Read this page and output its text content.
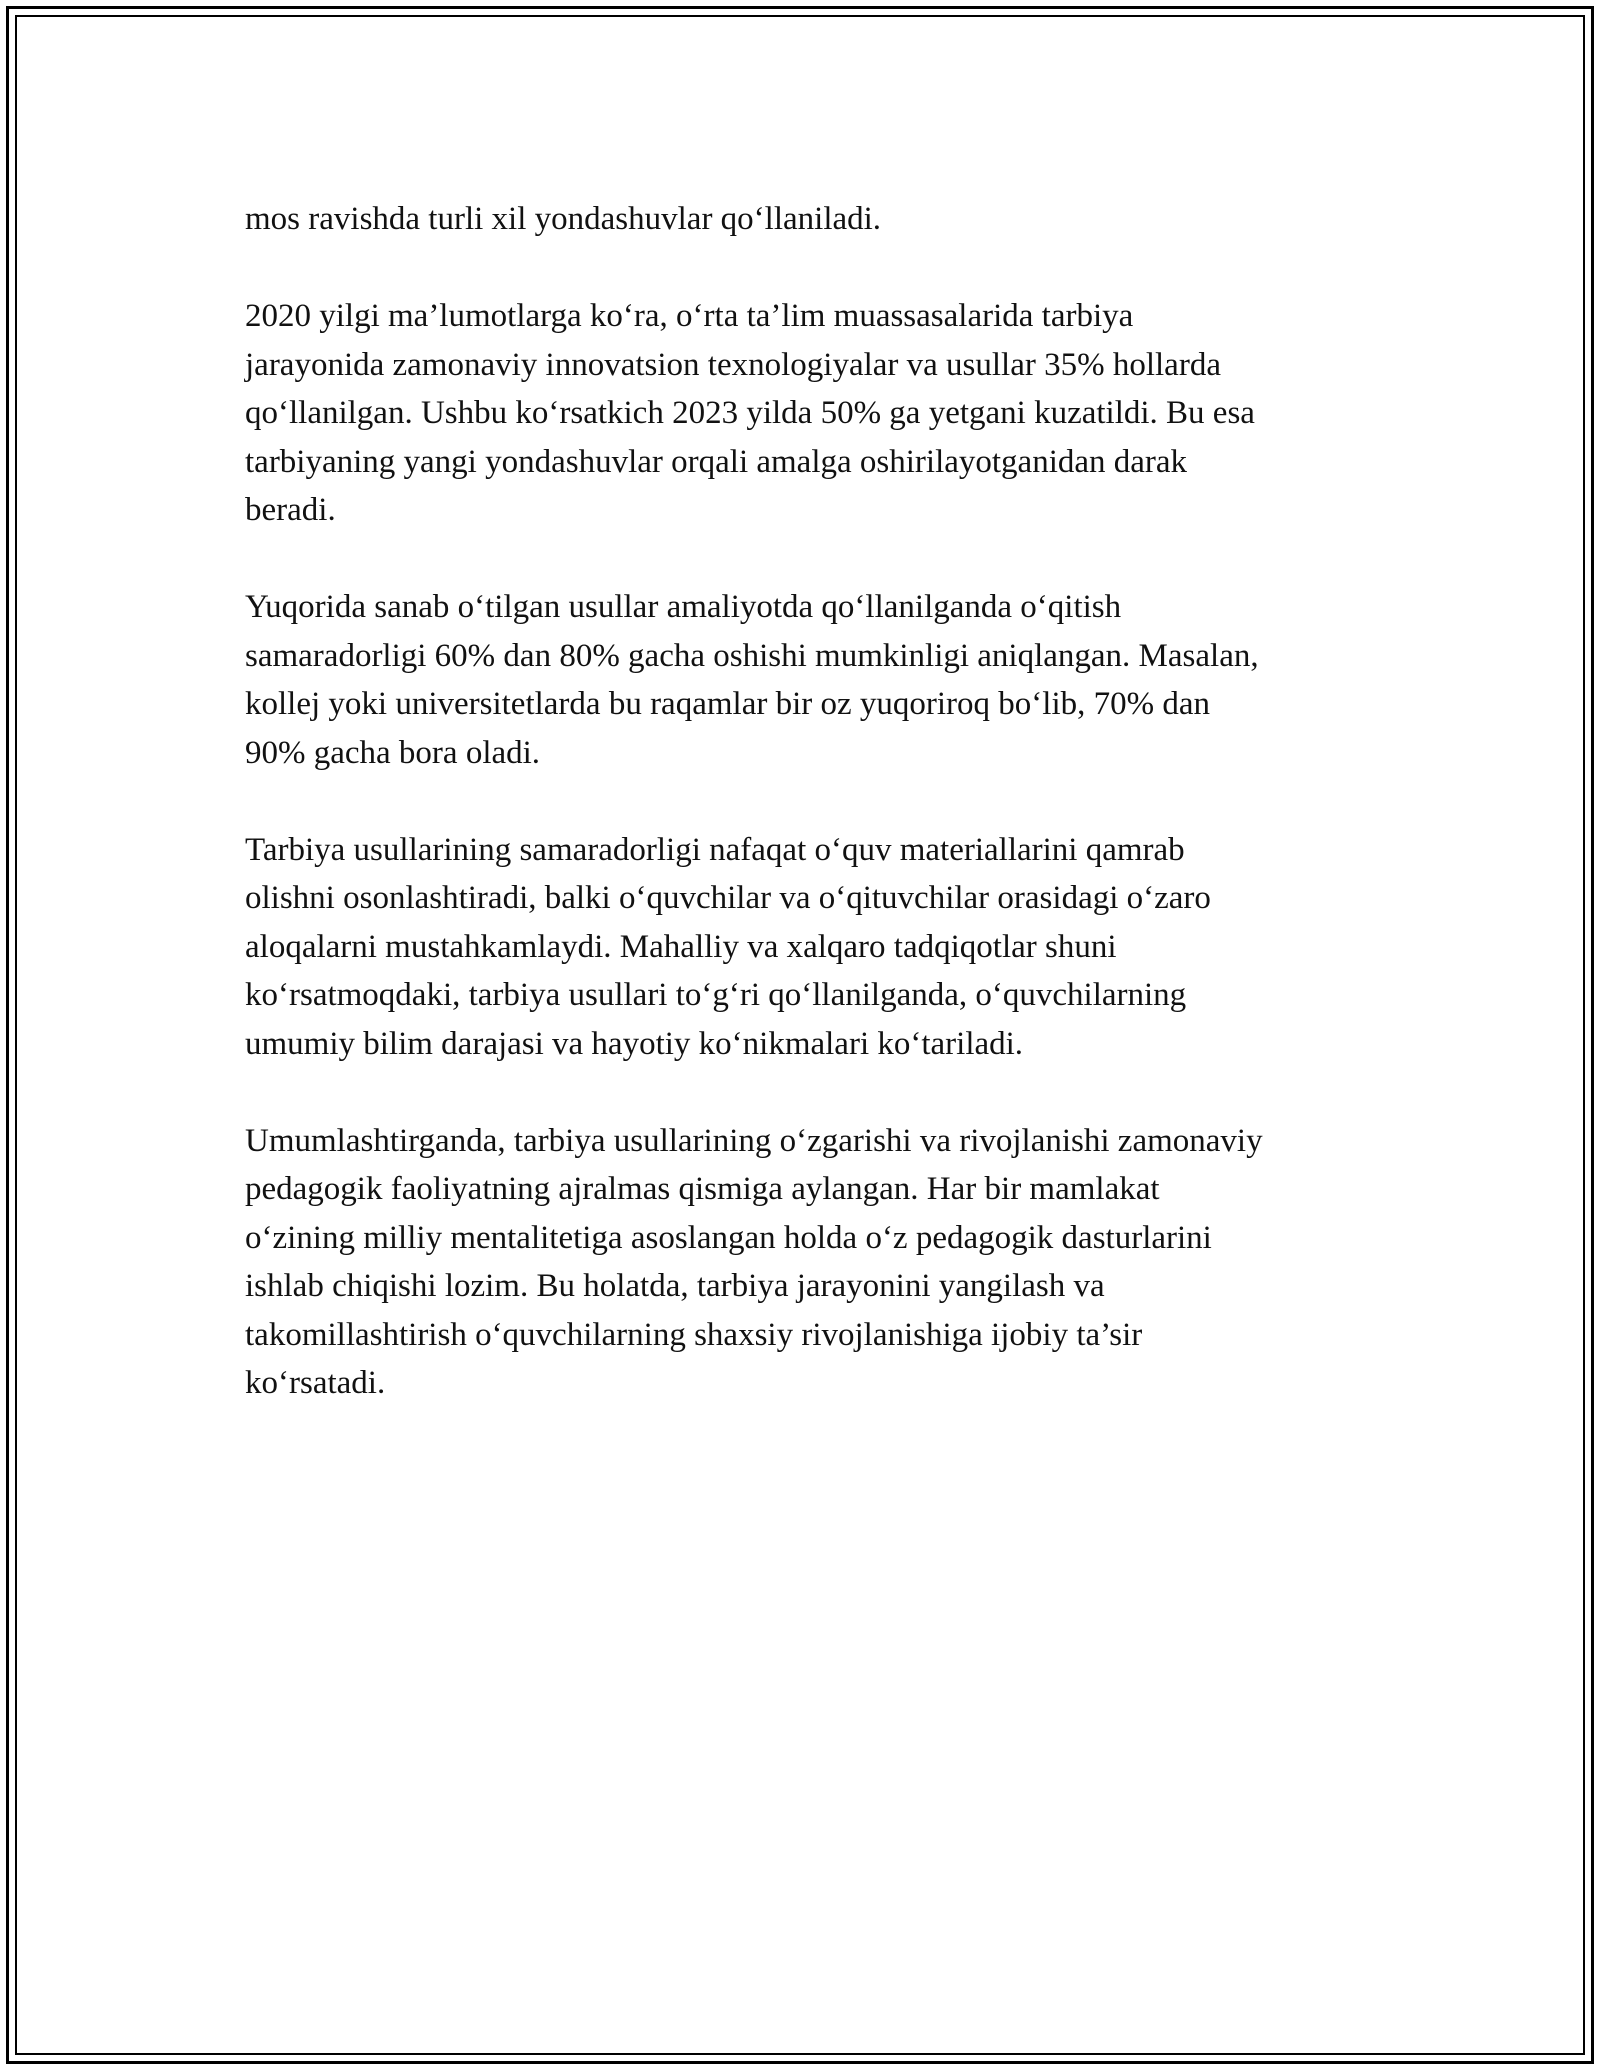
mos ravishda turli xil yondashuvlar qo‘llaniladi.

2020 yilgi ma’lumotlarga ko‘ra, o‘rta ta’lim muassasalarida tarbiya
jarayonida zamonaviy innovatsion texnologiyalar va usullar 35% hollarda
qo‘llanilgan. Ushbu ko‘rsatkich 2023 yilda 50% ga yetgani kuzatildi. Bu esa
tarbiyaning yangi yondashuvlar orqali amalga oshirilayotganidan darak
beradi.

Yuqorida sanab o‘tilgan usullar amaliyotda qo‘llanilganda o‘qitish
samaradorligi 60% dan 80% gacha oshishi mumkinligi aniqlangan. Masalan,
kollej yoki universitetlarda bu raqamlar bir oz yuqoriroq bo‘lib, 70% dan
90% gacha bora oladi.

Tarbiya usullarining samaradorligi nafaqat o‘quv materiallarini qamrab
olishni osonlashtiradi, balki o‘quvchilar va o‘qituvchilar orasidagi o‘zaro
aloqalarni mustahkamlaydi. Mahalliy va xalqaro tadqiqotlar shuni
ko‘rsatmoqdaki, tarbiya usullari to‘g‘ri qo‘llanilganda, o‘quvchilarning
umumiy bilim darajasi va hayotiy ko‘nikmalari ko‘tariladi.

Umumlashtirganda, tarbiya usullarining o‘zgarishi va rivojlanishi zamonaviy
pedagogik faoliyatning ajralmas qismiga aylangan. Har bir mamlakat
o‘zining milliy mentalitetiga asoslangan holda o‘z pedagogik dasturlarini
ishlab chiqishi lozim. Bu holatda, tarbiya jarayonini yangilash va
takomillashtirish o‘quvchilarning shaxsiy rivojlanishiga ijobiy ta’sir
ko‘rsatadi.
